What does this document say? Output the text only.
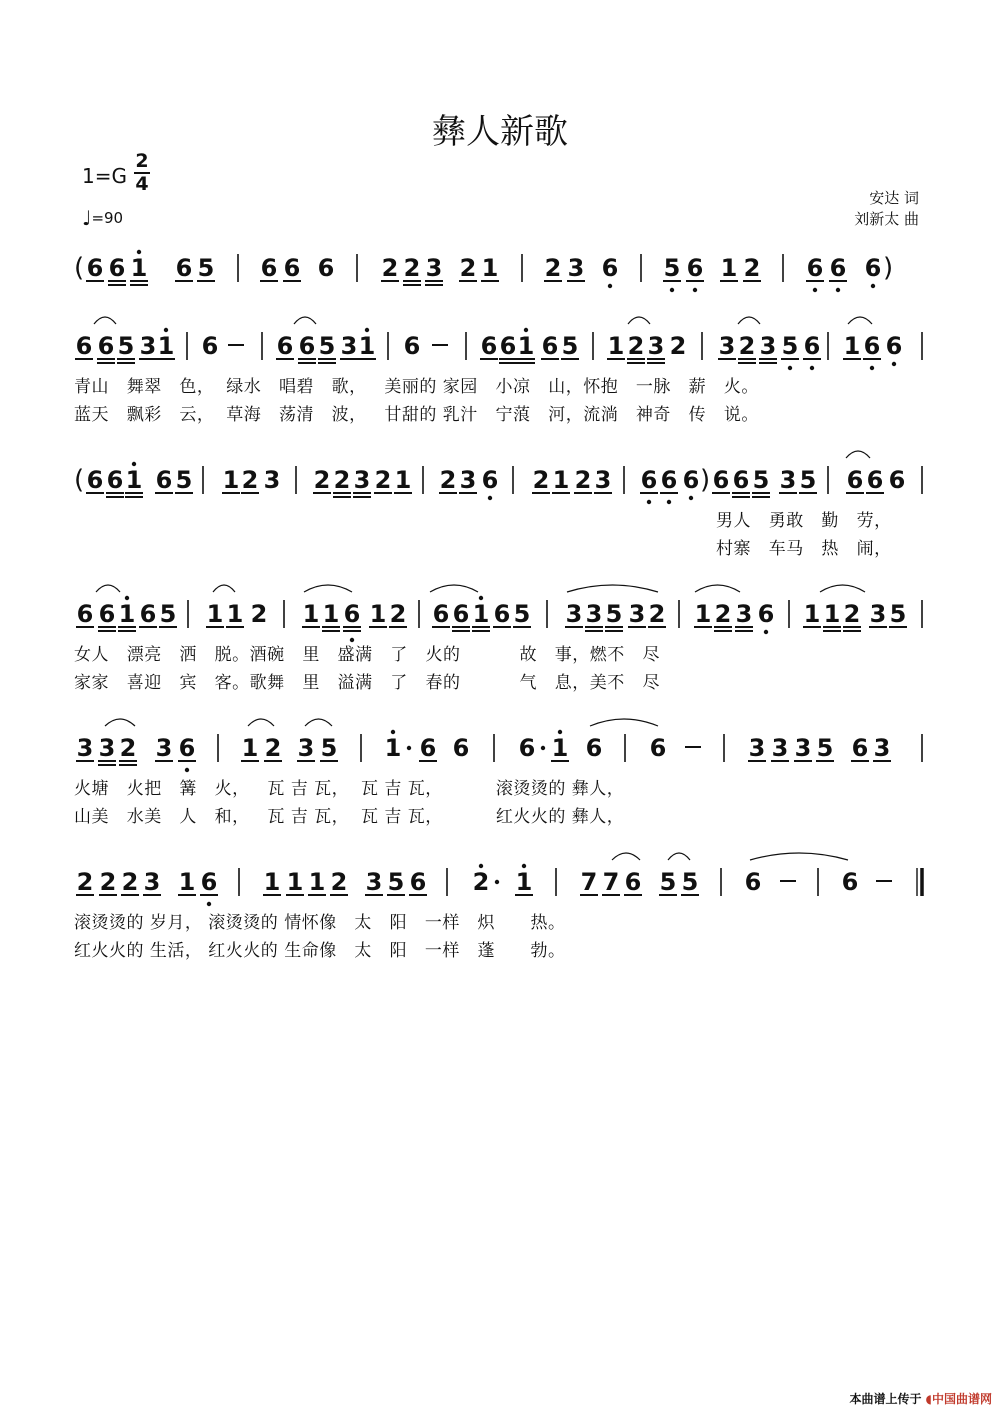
彝人新歌
1=G
2
4
♩=90
安达 词
刘新太 曲
( 6 6 1 6 5 6 6 6 2 2 3 2 1 2 3 6 5 6 1 2 6 6 6 )
6 6 5 3 1 6 6 6 5 3 1 6	6 6 1 6 5 1 2 3 2 3 2 3 5 6 1 6 6
( 6 6 1 6 5 1 2 3 2 2 3 2 1 2 3 6 2 1 2 3 6 6 6 ) 6 6 5 3 5 6 6 6
6 6 1 6 5 1 1 2 1 1 6 1 2 6 6 1 6 5 3 3 5 3 2 1 2 3 6 1 1 2 3 5
3 3 2 3 6 1 2 3 5 1 6 6 6 1 6 6	3 3 3 5 6 3
2 2 2 3 1 6 1 1 1 2 3 5 6 2 1 7 7 6 5 5 6	6
青山   舞翠   色，  绿水   唱碧   歌，   美丽的 家园   小凉   山，怀抱   一脉   薪   火。
蓝天   飘彩   云，  草海   荡清   波，   甘甜的 乳汁   宁蒗   河，流淌   神奇   传   说。
男人   勇敢   勤   劳，
村寨   车马   热   闹，
女人   漂亮   洒   脱。酒碗   里   盛满   了   火的          故   事，燃不   尽
家家   喜迎   宾   客。歌舞   里   溢满   了   春的          气   息，美不   尽
火塘   火把   篝   火，   瓦 吉 瓦，  瓦 吉 瓦，         滚烫烫的 彝人，
山美   水美   人   和，   瓦 吉 瓦，  瓦 吉 瓦，         红火火的 彝人，
滚烫烫的 岁月， 滚烫烫的 情怀像   太   阳   一样   炽      热。
红火火的 生活， 红火火的 生命像   太   阳   一样   蓬      勃。
本曲谱上传于 ◖中国曲谱网
